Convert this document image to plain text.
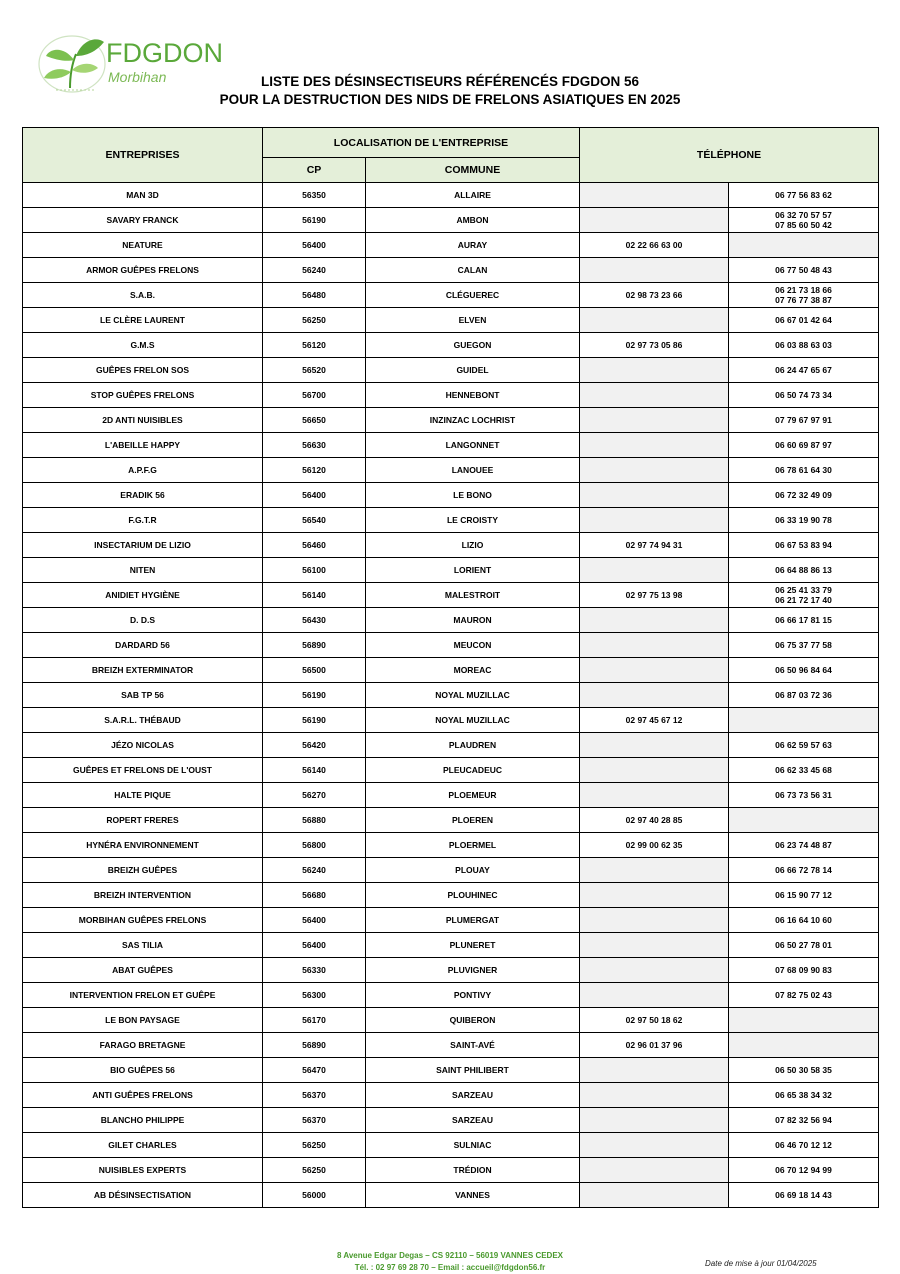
FDGDON
Morbihan	LISTE DES DÉSINSECTISEURS RÉFÉRENCÉS FDGDON 56
POUR LA DESTRUCTION DES NIDS DE FRELONS ASIATIQUES EN 2025
ENTREPRISES	LOCALISATION DE L'ENTREPRISE		TÉLÉPHONE	
	CP	COMMUNE		
MAN 3D	56350	ALLAIRE		06 77 56 83 62
SAVARY FRANCK	56190	AMBON		06 32 70 57 57
07 85 60 50 42
NEATURE	56400	AURAY	02 22 66 63 00	
ARMOR GUÊPES FRELONS	56240	CALAN		06 77 50 48 43
S.A.B.	56480	CLÉGUEREC	02 98 73 23 66	06 21 73 18 66
07 76 77 38 87
LE CLÈRE LAURENT	56250	ELVEN		06 67 01 42 64
G.M.S	56120	GUEGON	02 97 73 05 86	06 03 88 63 03
GUÊPES FRELON SOS	56520	GUIDEL		06 24 47 65 67
STOP GUÊPES FRELONS	56700	HENNEBONT		06 50 74 73 34
2D ANTI NUISIBLES	56650	INZINZAC LOCHRIST		07 79 67 97 91
L'ABEILLE HAPPY	56630	LANGONNET		06 60 69 87 97
A.P.F.G	56120	LANOUEE		06 78 61 64 30
ERADIK 56	56400	LE BONO		06 72 32 49 09
F.G.T.R	56540	LE CROISTY		06 33 19 90 78
INSECTARIUM DE LIZIO	56460	LIZIO	02 97 74 94 31	06 67 53 83 94
NITEN	56100	LORIENT		06 64 88 86 13
ANIDIET HYGIÈNE	56140	MALESTROIT	02 97 75 13 98	06 25 41 33 79
06 21 72 17 40
D. D.S	56430	MAURON		06 66 17 81 15
DARDARD 56	56890	MEUCON		06 75 37 77 58
BREIZH EXTERMINATOR	56500	MOREAC		06 50 96 84 64
SAB TP 56	56190	NOYAL MUZILLAC		06 87 03 72 36
S.A.R.L. THÉBAUD	56190	NOYAL MUZILLAC	02 97 45 67 12	
JÉZO NICOLAS	56420	PLAUDREN		06 62 59 57 63
GUÊPES ET FRELONS DE L'OUST	56140	PLEUCADEUC		06 62 33 45 68
HALTE PIQUE	56270	PLOEMEUR		06 73 73 56 31
ROPERT FRERES	56880	PLOEREN	02 97 40 28 85	
HYNÉRA ENVIRONNEMENT	56800	PLOERMEL	02 99 00 62 35	06 23 74 48 87
BREIZH GUÊPES	56240	PLOUAY		06 66 72 78 14
BREIZH INTERVENTION	56680	PLOUHINEC		06 15 90 77 12
MORBIHAN GUÊPES FRELONS	56400	PLUMERGAT		06 16 64 10 60
SAS TILIA	56400	PLUNERET		06 50 27 78 01
ABAT GUÊPES	56330	PLUVIGNER		07 68 09 90 83
INTERVENTION FRELON ET GUÊPE	56300	PONTIVY		07 82 75 02 43
LE BON PAYSAGE	56170	QUIBERON	02 97 50 18 62	
FARAGO BRETAGNE	56890	SAINT-AVÉ	02 96 01 37 96	
BIO GUÊPES 56	56470	SAINT PHILIBERT		06 50 30 58 35
ANTI GUÊPES FRELONS	56370	SARZEAU		06 65 38 34 32
BLANCHO PHILIPPE	56370	SARZEAU		07 82 32 56 94
GILET CHARLES	56250	SULNIAC		06 46 70 12 12
NUISIBLES EXPERTS	56250	TRÉDION		06 70 12 94 99
AB DÉSINSECTISATION	56000	VANNES		06 69 18 14 43
8 Avenue Edgar Degas – CS 92110 – 56019 VANNES CEDEX
Tél. : 02 97 69 28 70 – Email : accueil@fdgdon56.fr	Date de mise à jour 01/04/2025
